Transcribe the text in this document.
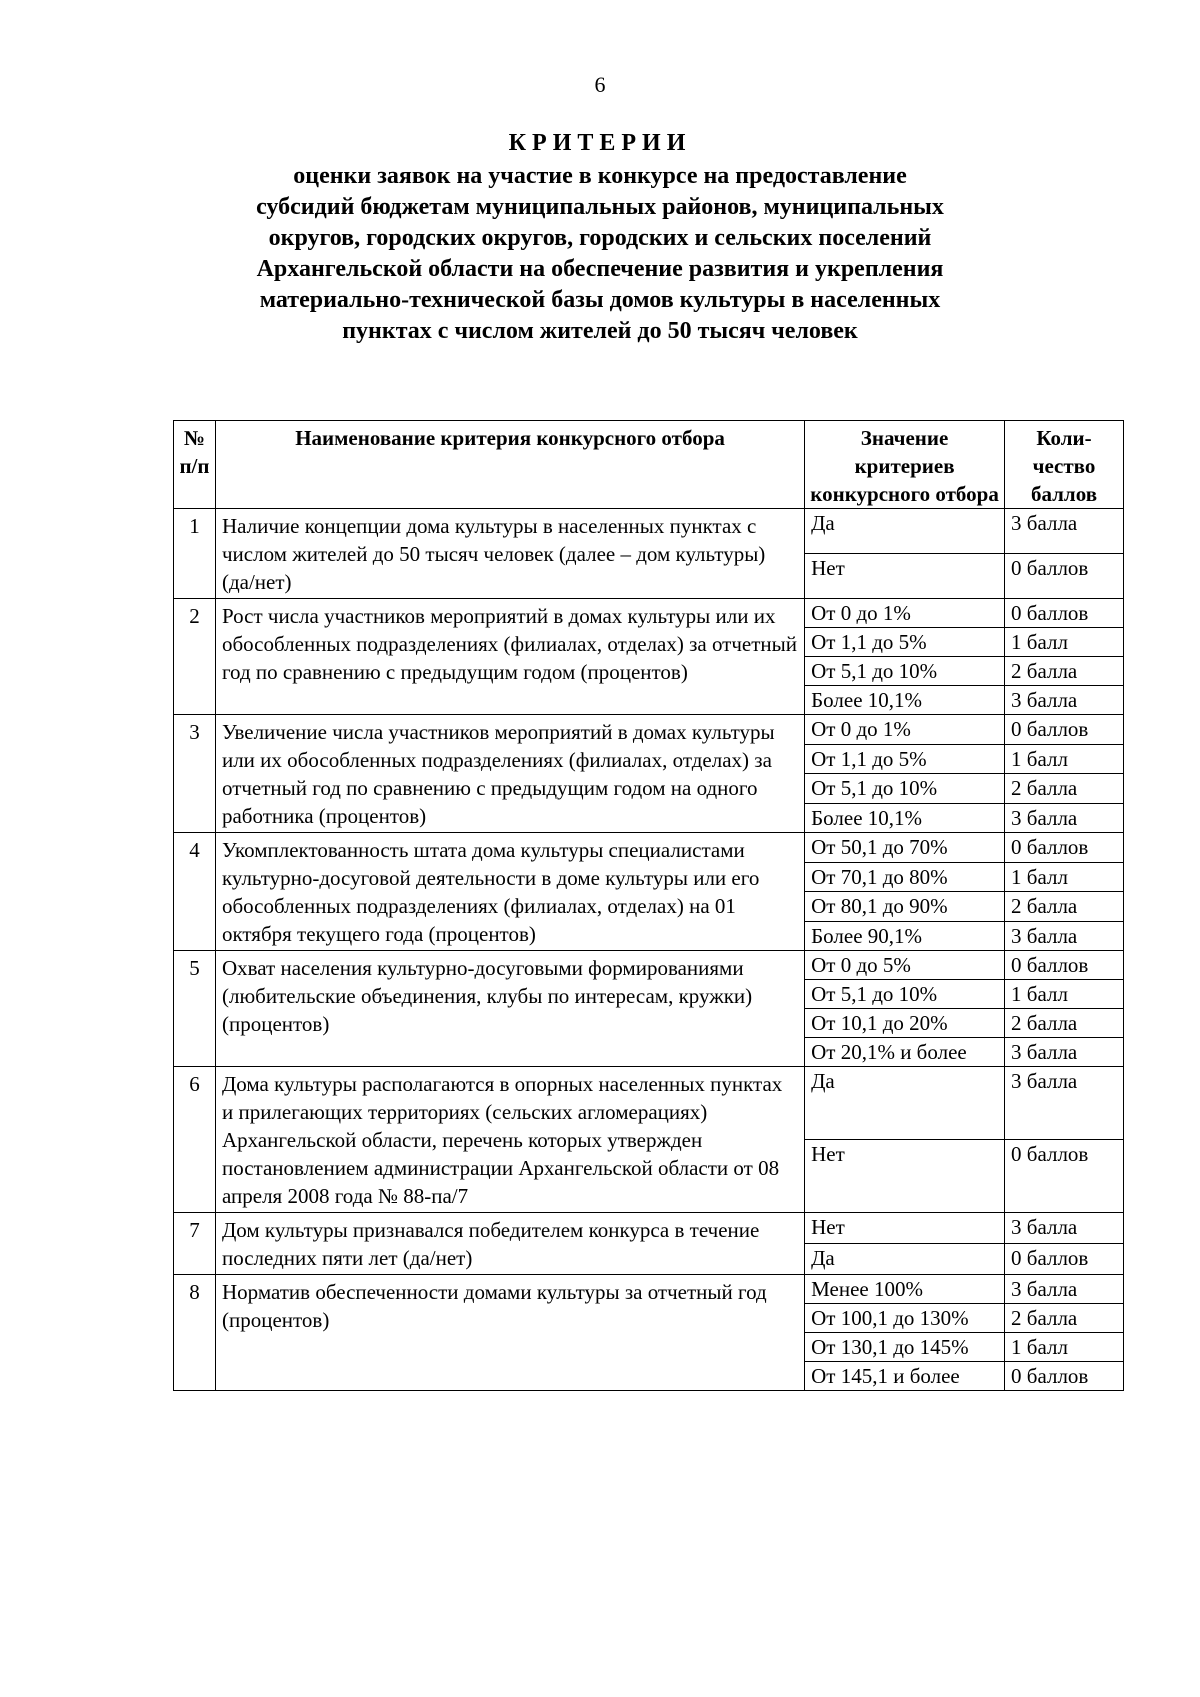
6
КРИТЕРИИ
оценки заявок на участие в конкурсе на предоставление
субсидий бюджетам муниципальных районов, муниципальных
округов, городских округов, городских и сельских поселений
Архангельской области на обеспечение развития и укрепления
материально-технической базы домов культуры в населенных
пунктах с числом жителей до 50 тысяч человек
№ п/п	Наименование критерия конкурсного отбора	Значение критериев конкурсного отбора	Коли-чество баллов
1	Наличие концепции дома культуры в населенных пунктах с числом жителей до 50 тысяч человек (далее – дом культуры) (да/нет)	Да	3 балла
		Нет	0 баллов
2	Рост числа участников мероприятий в домах культуры или их обособленных подразделениях (филиалах, отделах) за отчетный год по сравнению с предыдущим годом (процентов)	От 0 до 1%	0 баллов
		От 1,1 до 5%	1 балл
		От 5,1 до 10%	2 балла
		Более 10,1%	3 балла
3	Увеличение числа участников мероприятий в домах культуры или их обособленных подразделениях (филиалах, отделах) за отчетный год по сравнению с предыдущим годом на одного работника (процентов)	От 0 до 1%	0 баллов
		От 1,1 до 5%	1 балл
		От 5,1 до 10%	2 балла
		Более 10,1%	3 балла
4	Укомплектованность штата дома культуры специалистами культурно-досуговой деятельности в доме культуры или его обособленных подразделениях (филиалах, отделах) на 01 октября текущего года (процентов)	От 50,1 до 70%	0 баллов
		От 70,1 до 80%	1 балл
		От 80,1 до 90%	2 балла
		Более 90,1%	3 балла
5	Охват населения культурно-досуговыми формированиями (любительские объединения, клубы по интересам, кружки) (процентов)	От 0 до 5%	0 баллов
		От 5,1 до 10%	1 балл
		От 10,1 до 20%	2 балла
		От 20,1% и более	3 балла
6	Дома культуры располагаются в опорных населенных пунктах и прилегающих территориях (сельских агломерациях) Архангельской области, перечень которых утвержден постановлением администрации Архангельской области от 08 апреля 2008 года № 88-па/7	Да	3 балла
		Нет	0 баллов
7	Дом культуры признавался победителем конкурса в течение последних пяти лет (да/нет)	Нет	3 балла
		Да	0 баллов
8	Норматив обеспеченности домами культуры за отчетный год (процентов)	Менее 100%	3 балла
		От 100,1 до 130%	2 балла
		От 130,1 до 145%	1 балл
		От 145,1 и более	0 баллов
